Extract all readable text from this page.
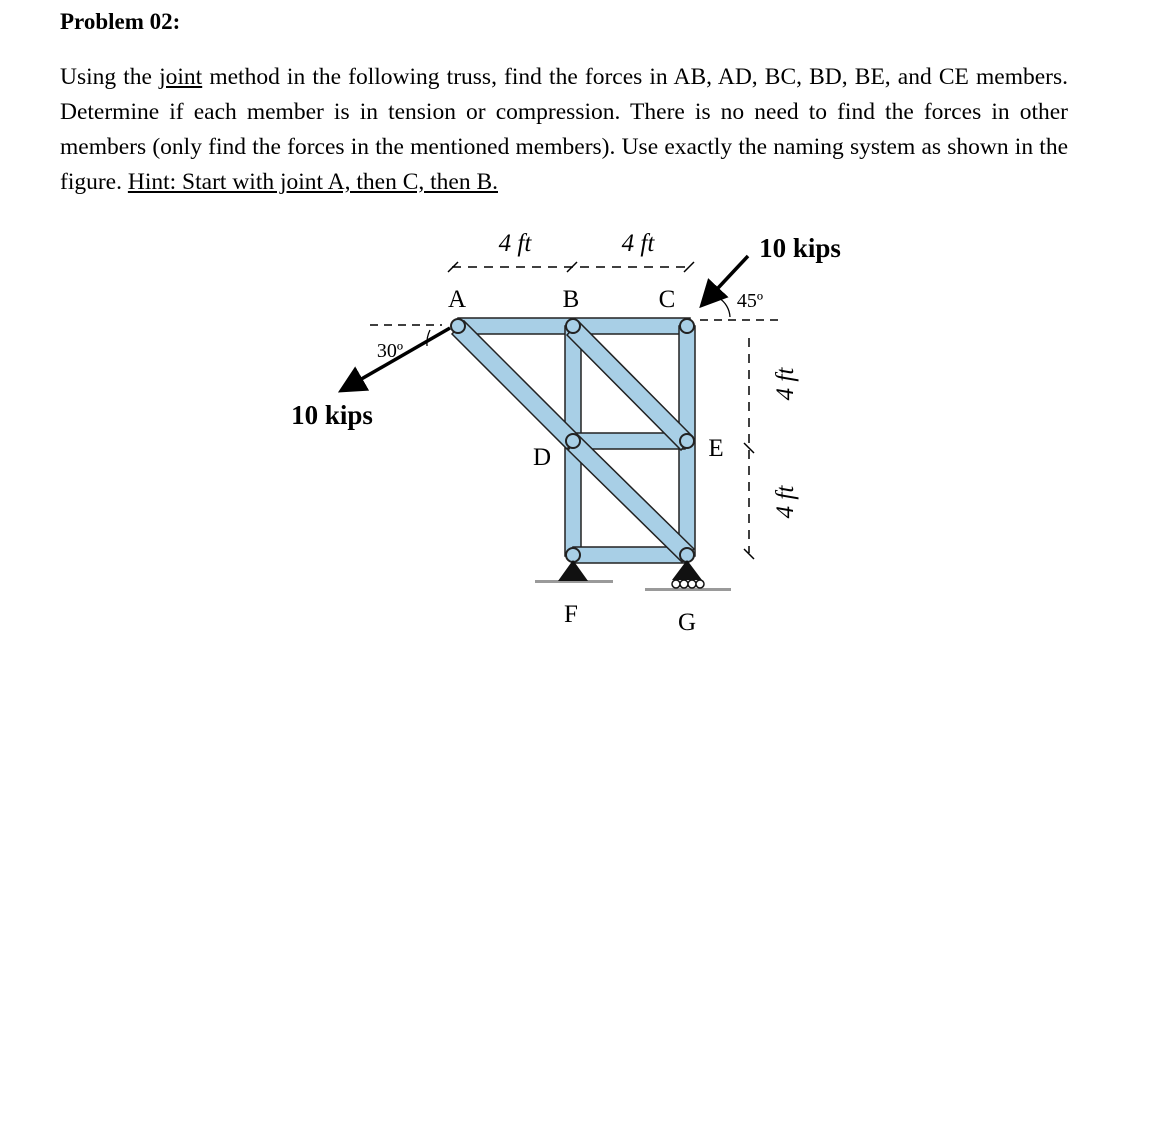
Problem 02:

Using the joint method in the following truss, find the forces in AB, AD, BC, BD, BE, and CE members. Determine if each member is in tension or compression. There is no need to find the forces in other members (only find the forces in the mentioned members). Use exactly the naming system as shown in the figure. Hint: Start with joint A, then C, then B.

4 ft	4 ft
4 ft
4 ft
10 kips
30º
10 kips
45º
A	B	C
D	E
F	G
